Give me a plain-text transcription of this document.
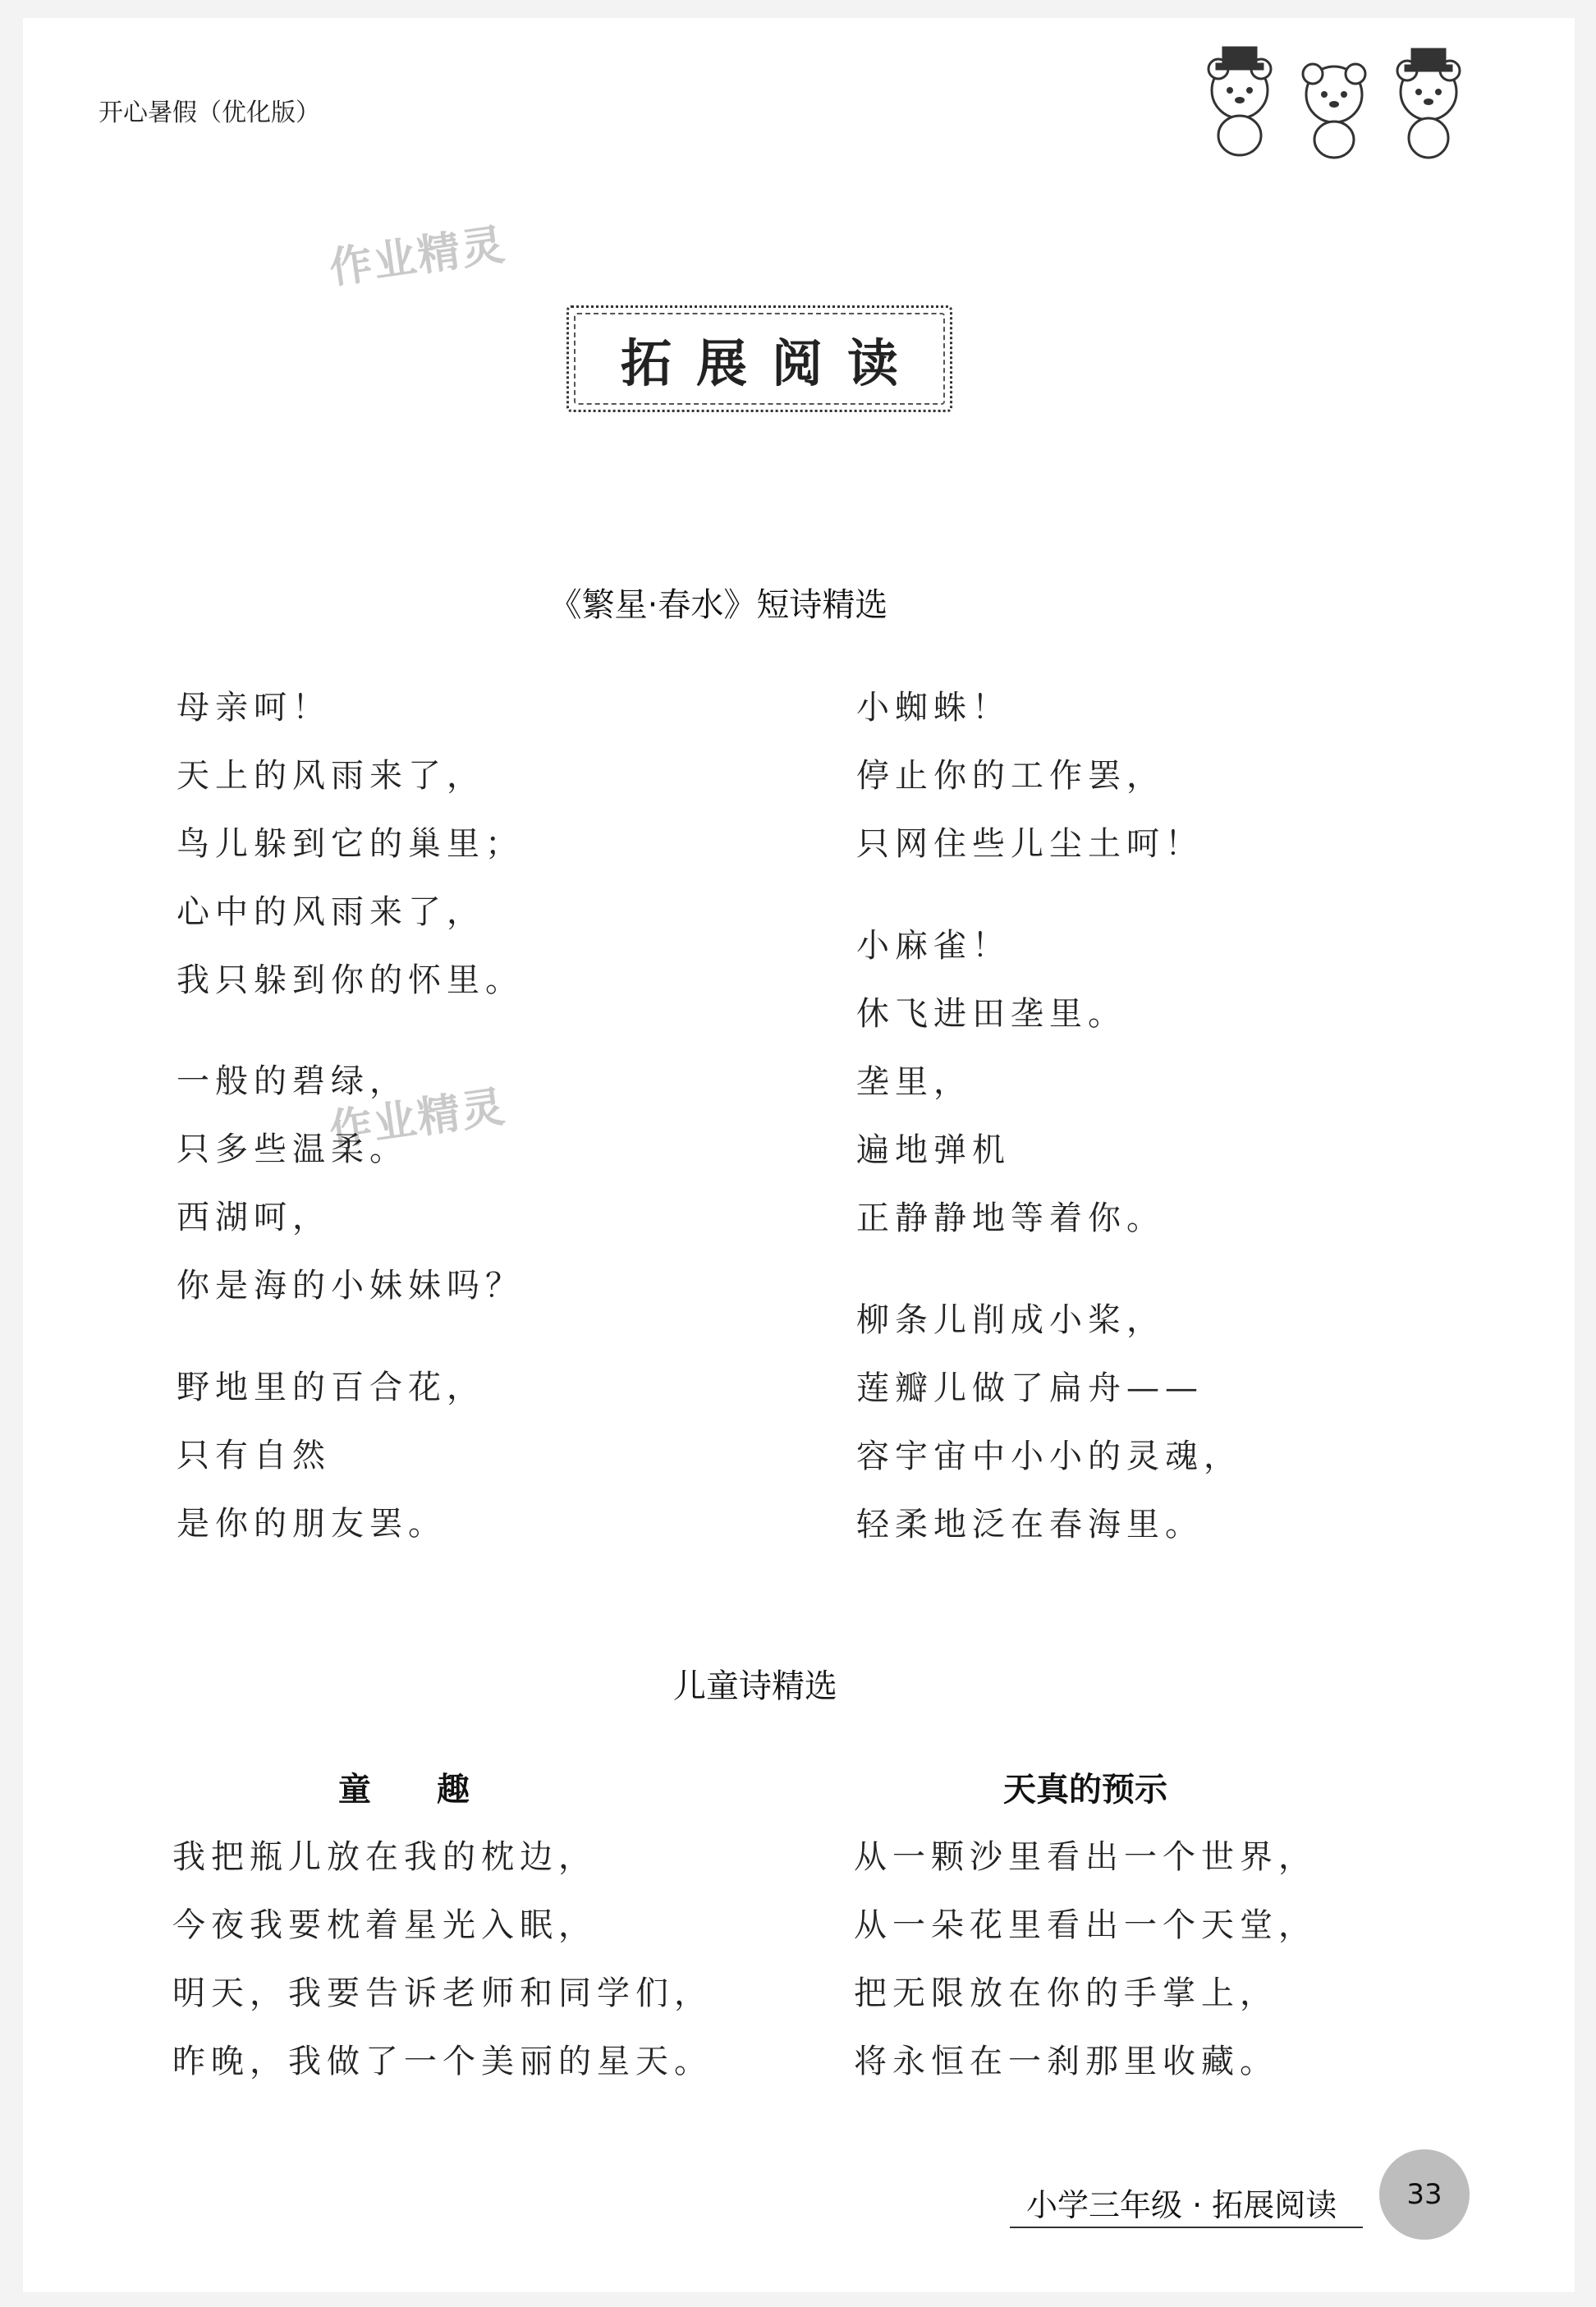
开心暑假（优化版）
作业精灵
作业精灵
拓展阅读
《繁星·春水》短诗精选
母亲呵！
天上的风雨来了，
鸟儿躲到它的巢里；
心中的风雨来了，
我只躲到你的怀里。
一般的碧绿，
只多些温柔。
西湖呵，
你是海的小妹妹吗？
野地里的百合花，
只有自然
是你的朋友罢。
小蜘蛛！
停止你的工作罢，
只网住些儿尘土呵！
小麻雀！
休飞进田垄里。
垄里，
遍地弹机
正静静地等着你。
柳条儿削成小桨，
莲瓣儿做了扁舟——
容宇宙中小小的灵魂，
轻柔地泛在春海里。
儿童诗精选
童　　趣	天真的预示
我把瓶儿放在我的枕边，
今夜我要枕着星光入眠，
明天，我要告诉老师和同学们，
昨晚，我做了一个美丽的星天。
从一颗沙里看出一个世界，
从一朵花里看出一个天堂，
把无限放在你的手掌上，
将永恒在一刹那里收藏。
小学三年级 · 拓展阅读	33
